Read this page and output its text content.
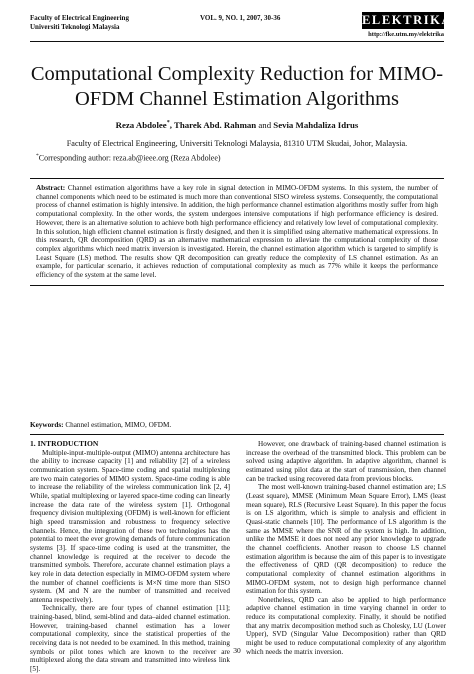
Faculty of Electrical Engineering
Universiti Teknologi Malaysia
VOL. 9, NO. 1, 2007, 30-36	ELEKTRIKA
http://fke.utm.my/elektrika
Computational Complexity Reduction for MIMO-OFDM Channel Estimation Algorithms
Reza Abdolee*, Tharek Abd. Rahman and Sevia Mahdaliza Idrus
Faculty of Electrical Engineering, Universiti Teknologi Malaysia, 81310 UTM Skudai, Johor, Malaysia.
*Corresponding author: reza.ab@ieee.org (Reza Abdolee)
Abstract: Channel estimation algorithms have a key role in signal detection in MIMO-OFDM systems. In this system, the number of channel components which need to be estimated is much more than conventional SISO wireless systems. Consequently, the computational process of channel estimation is highly intensive. In addition, the high performance channel estimation algorithms mostly suffer from high computational complexity. In the other words, the system undergoes intensive computations if high performance efficiency is desired. However, there is an alternative solution to achieve both high performance efficiency and relatively low level of computational complexity. In this solution, high efficient channel estimation is firstly designed, and then it is simplified using alternative mathematical expressions. In this research, QR decomposition (QRD) as an alternative mathematical expression to alleviate the computational complexity of those complex algorithms which need matrix inversion is investigated. Herein, the channel estimation algorithm which is targeted to simplify is Least Square (LS) method. The results show QR decomposition can greatly reduce the complexity of LS channel estimation. As an example, for particular scenario, it achieves reduction of computational complexity as much as 77% while it keeps the performance efficiency of the system at the same level.
Keywords: Channel estimation, MIMO, OFDM.

1. INTRODUCTION

Multiple-input-multiple-output (MIMO) antenna architecture has the ability to increase capacity [1] and reliability [2] of a wireless communication system. Space-time coding and spatial multiplexing are two main categories of MIMO system. Space-time coding is able to increase the reliability of the wireless communication link [2, 4] While, spatial multiplexing or layered space-time coding can linearly increase the data rate of the wireless system [1]. Orthogonal frequency division multiplexing (OFDM) is well-known for efficient high speed transmission and robustness to frequency selective channels. Hence, the integration of these two technologies has the potential to meet the ever growing demands of future communication systems [3]. If space-time coding is used at the transmitter, the channel knowledge is required at the receiver to decode the transmitted symbols. Therefore, accurate channel estimation plays a key role in data detection especially in MIMO-OFDM system where the number of channel coefficients is M×N time more than SISO system. (M and N are the number of transmitted and received antenna respectively).

Technically, there are four types of channel estimation [11]; training-based, blind, semi-blind and data–aided channel estimation. However, training-based channel estimation has a lower computational complexity, since the statistical properties of the receiving data is not needed to be examined. In this method, training symbols or pilot tones which are known to the receiver are multiplexed along the data stream and transmitted into wireless link [5].

However, one drawback of training-based channel estimation is increase the overhead of the transmitted block. This problem can be solved using adaptive algorithm. In adaptive algorithm, channel is estimated using pilot data at the start of transmission, then channel can be tracked using recovered data from previous blocks.

The most well-known training-based channel estimation are; LS (Least square), MMSE (Minimum Mean Square Error), LMS (least mean square), RLS (Recursive Least Square). In this paper the focus is on LS algorithm, which is simple to analysis and efficient in Quasi-static channels [10]. The performance of LS algorithm is the same as MMSE where the SNR of the system is high. In addition, unlike the MMSE it does not need any prior knowledge to upgrade the channel coefficients. Another reason to choose LS channel estimation algorithm is because the aim of this paper is to investigate the effectiveness of QRD (QR decomposition) to reduce the computational complexity of channel estimation algorithms in MIMO-OFDM system, not to design high performance channel estimation for this system.

Nonetheless, QRD can also be applied to high performance adaptive channel estimation in time varying channel in order to reduce its computational complexity. Finally, it should be notified that any matrix decomposition method such as Cholesky, LU (Lower Upper), SVD (Singular Value Decomposition) rather than QRD might be used to reduce computational complexity of any algorithm which needs the matrix inversion.

30
